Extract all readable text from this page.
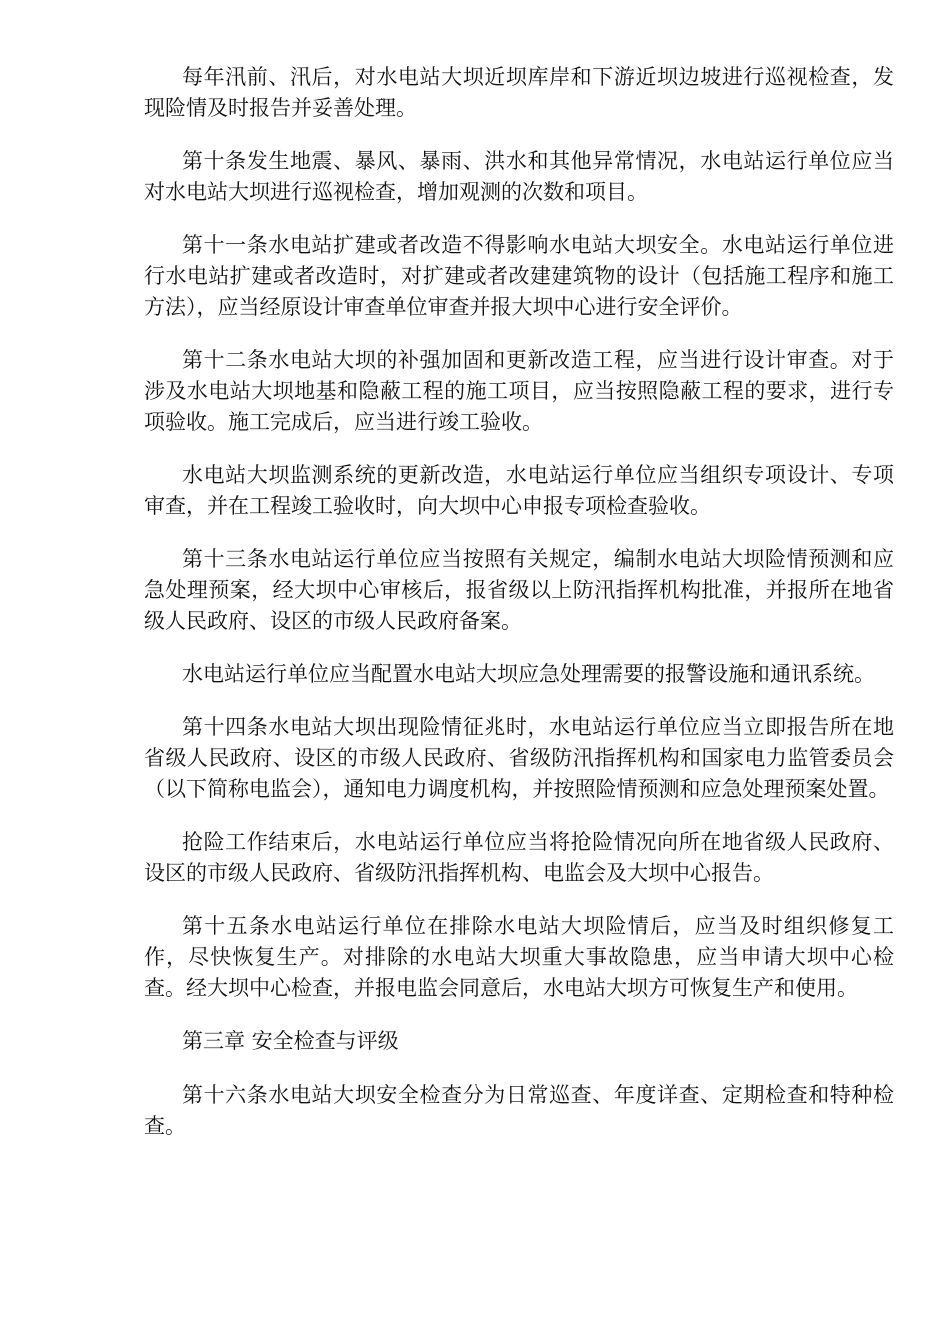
每年汛前、汛后，对水电站大坝近坝库岸和下游近坝边坡进行巡视检查，发现险情及时报告并妥善处理。

第十条发生地震、暴风、暴雨、洪水和其他异常情况，水电站运行单位应当对水电站大坝进行巡视检查，增加观测的次数和项目。

第十一条水电站扩建或者改造不得影响水电站大坝安全。水电站运行单位进行水电站扩建或者改造时，对扩建或者改建建筑物的设计（包括施工程序和施工方法），应当经原设计审查单位审查并报大坝中心进行安全评价。

第十二条水电站大坝的补强加固和更新改造工程，应当进行设计审查。对于涉及水电站大坝地基和隐蔽工程的施工项目，应当按照隐蔽工程的要求，进行专项验收。施工完成后，应当进行竣工验收。

水电站大坝监测系统的更新改造，水电站运行单位应当组织专项设计、专项审查，并在工程竣工验收时，向大坝中心申报专项检查验收。

第十三条水电站运行单位应当按照有关规定，编制水电站大坝险情预测和应急处理预案，经大坝中心审核后，报省级以上防汛指挥机构批准，并报所在地省级人民政府、设区的市级人民政府备案。

水电站运行单位应当配置水电站大坝应急处理需要的报警设施和通讯系统。

第十四条水电站大坝出现险情征兆时，水电站运行单位应当立即报告所在地省级人民政府、设区的市级人民政府、省级防汛指挥机构和国家电力监管委员会（以下简称电监会），通知电力调度机构，并按照险情预测和应急处理预案处置。

抢险工作结束后，水电站运行单位应当将抢险情况向所在地省级人民政府、设区的市级人民政府、省级防汛指挥机构、电监会及大坝中心报告。

第十五条水电站运行单位在排除水电站大坝险情后，应当及时组织修复工作，尽快恢复生产。对排除的水电站大坝重大事故隐患，应当申请大坝中心检查。经大坝中心检查，并报电监会同意后，水电站大坝方可恢复生产和使用。

第三章 安全检查与评级

第十六条水电站大坝安全检查分为日常巡查、年度详查、定期检查和特种检查。
